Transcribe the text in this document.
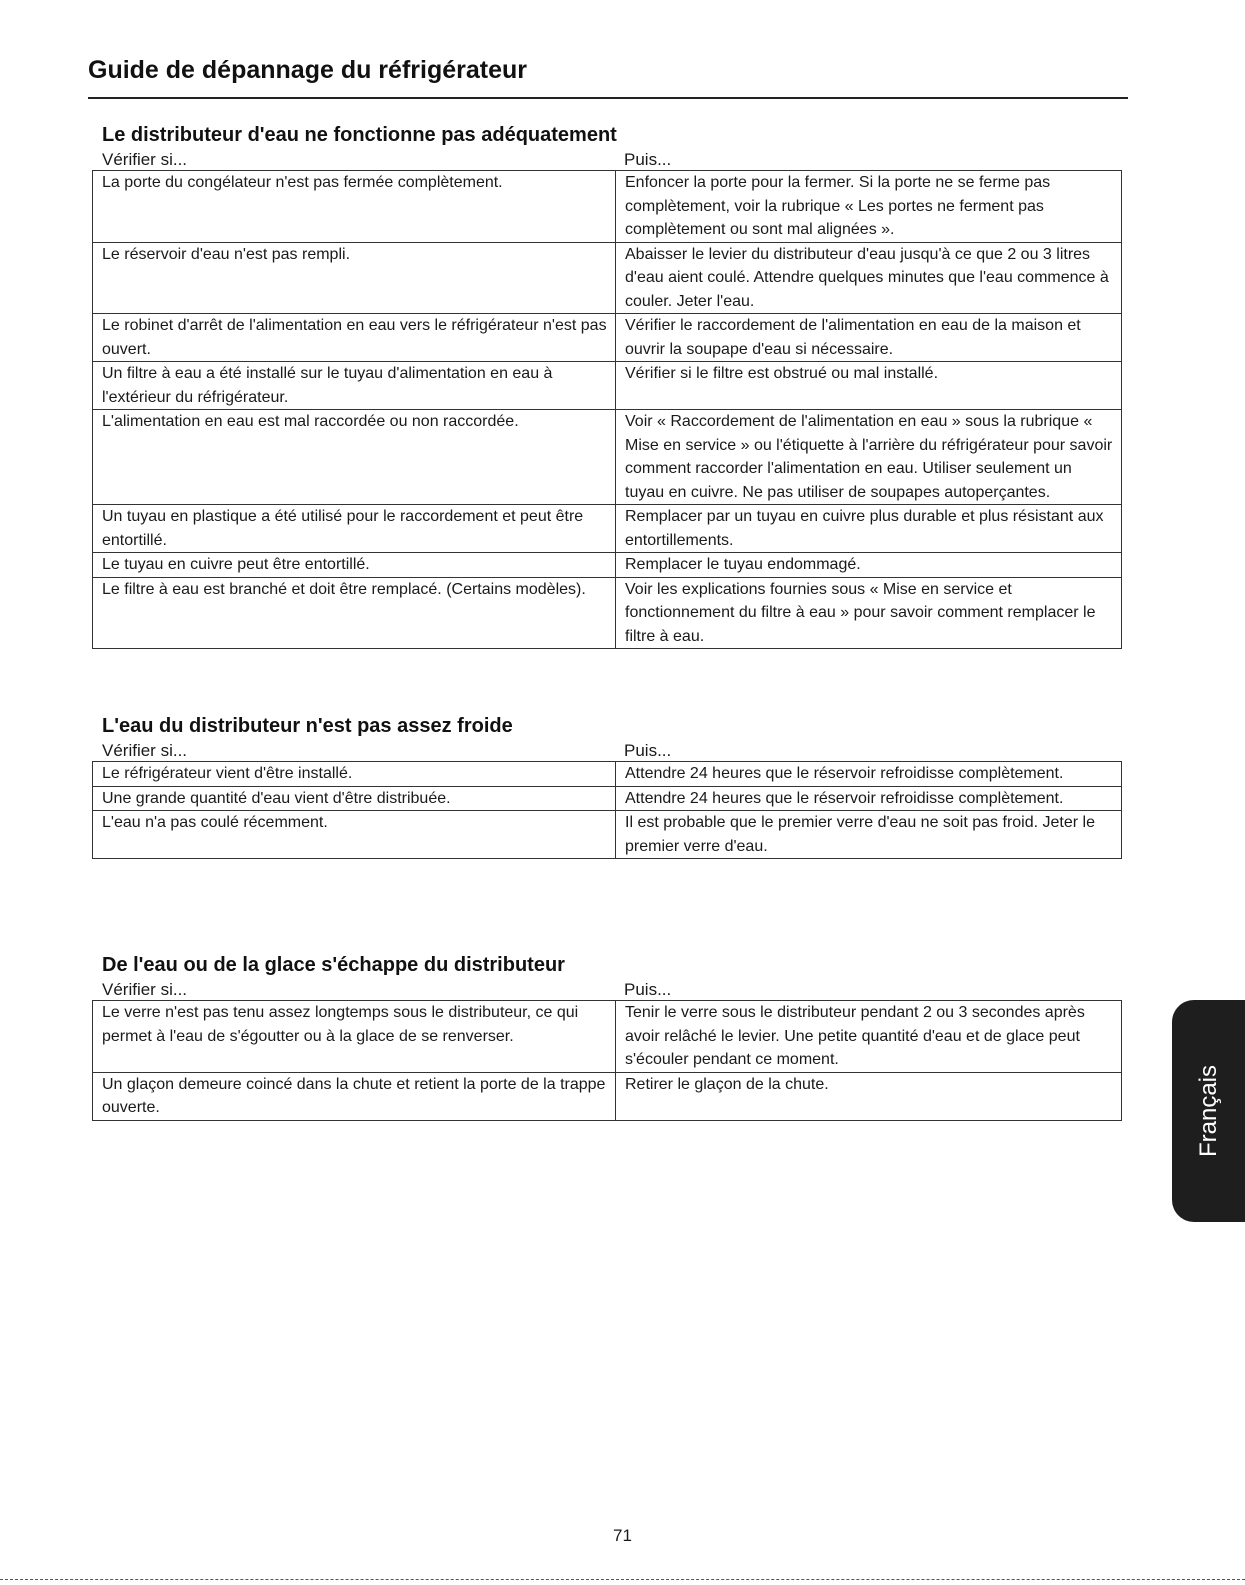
Guide de dépannage du réfrigérateur
Le distributeur d'eau ne fonctionne pas adéquatement
Vérifier si...	Puis...
La porte du congélateur n'est pas fermée complètement.	Enfoncer la porte pour la fermer. Si la porte ne se ferme pas complètement, voir la rubrique « Les portes ne ferment pas complètement ou sont mal alignées ».
Le réservoir d'eau n'est pas rempli.	Abaisser le levier du distributeur d'eau jusqu'à ce que 2 ou 3 litres d'eau aient coulé. Attendre quelques minutes que l'eau commence à couler. Jeter l'eau.
Le robinet d'arrêt de l'alimentation en eau vers le réfrigérateur n'est pas ouvert.	Vérifier le raccordement de l'alimentation en eau de la maison et ouvrir la soupape d'eau si nécessaire.
Un filtre à eau a été installé sur le tuyau d'alimentation en eau à l'extérieur du réfrigérateur.	Vérifier si le filtre est obstrué ou mal installé.
L'alimentation en eau est mal raccordée ou non raccordée.	Voir « Raccordement de l'alimentation en eau » sous la rubrique « Mise en service » ou l'étiquette à l'arrière du réfrigérateur pour savoir comment raccorder l'alimentation en eau. Utiliser seulement un tuyau en cuivre. Ne pas utiliser de soupapes autoperçantes.
Un tuyau en plastique a été utilisé pour le raccordement et peut être entortillé.	Remplacer par un tuyau en cuivre plus durable et plus résistant aux entortillements.
Le tuyau en cuivre peut être entortillé.	Remplacer le tuyau endommagé.
Le filtre à eau est branché et doit être remplacé. (Certains modèles).	Voir les explications fournies sous « Mise en service et fonctionnement du filtre à eau » pour savoir comment remplacer le filtre à eau.
L'eau du distributeur n'est pas assez froide
Vérifier si...	Puis...
Le réfrigérateur vient d'être installé.	Attendre 24 heures que le réservoir refroidisse complètement.
Une grande quantité d'eau vient d'être distribuée.	Attendre 24 heures que le réservoir refroidisse complètement.
L'eau n'a pas coulé récemment.	Il est probable que le premier verre d'eau ne soit pas froid. Jeter le premier verre d'eau.
De l'eau ou de la glace s'échappe du distributeur
Vérifier si...	Puis...
Le verre n'est pas tenu assez longtemps sous le distributeur, ce qui permet à l'eau de s'égoutter ou à la glace de se renverser.	Tenir le verre sous le distributeur pendant 2 ou 3 secondes après avoir relâché le levier. Une petite quantité d'eau et de glace peut s'écouler pendant ce moment.
Un glaçon demeure coincé dans la chute et retient la porte de la trappe ouverte.	Retirer le glaçon de la chute.	Français
71
